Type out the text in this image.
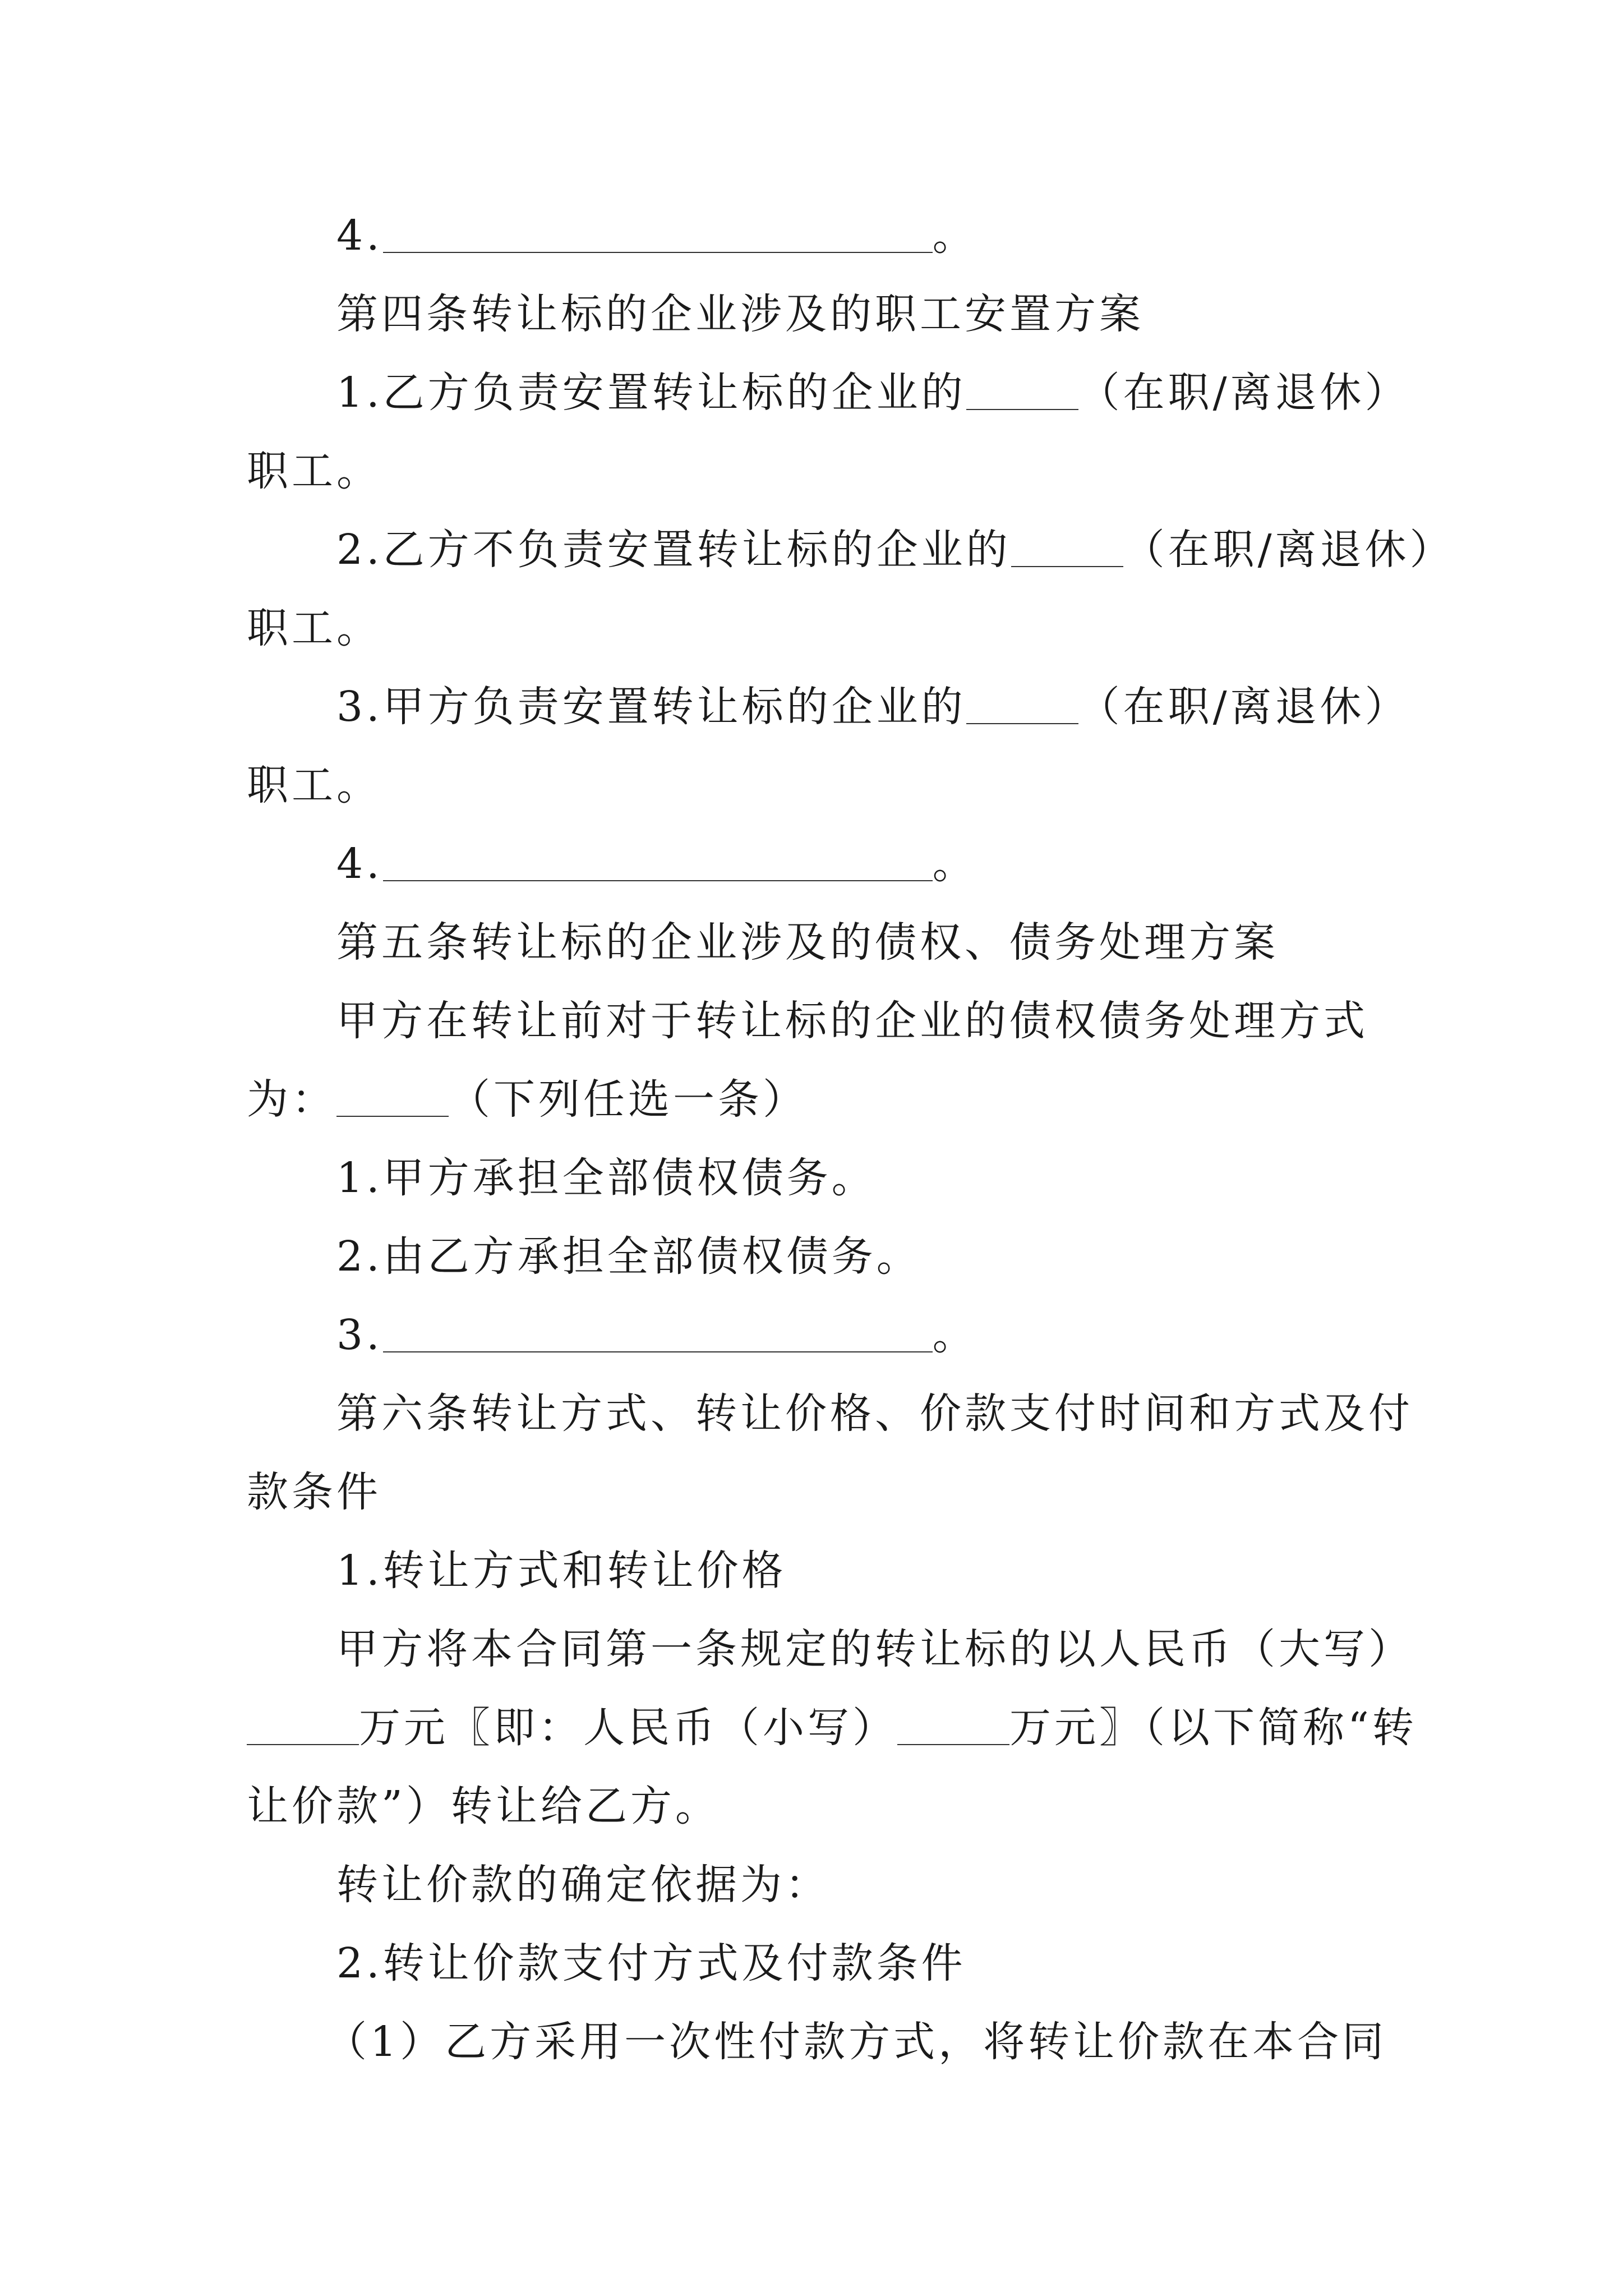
4.	。
第四条转让标的企业涉及的职工安置方案
1.乙方负责安置转让标的企业的	（在职/离退休）
职工。
2.乙方不负责安置转让标的企业的	（在职/离退休）
职工。
3.甲方负责安置转让标的企业的	（在职/离退休）
职工。
4.	。
第五条转让标的企业涉及的债权、债务处理方案
甲方在转让前对于转让标的企业的债权债务处理方式
为：	（下列任选一条）
1.甲方承担全部债权债务。
2.由乙方承担全部债权债务。
3.	。
第六条转让方式、转让价格、价款支付时间和方式及付
款条件
1.转让方式和转让价格
甲方将本合同第一条规定的转让标的以人民币（大写）
万元〖即：人民币（小写）	万元〗（以下简称“转
让价款”）转让给乙方。
转让价款的确定依据为：
2.转让价款支付方式及付款条件
（1）乙方采用一次性付款方式，将转让价款在本合同
